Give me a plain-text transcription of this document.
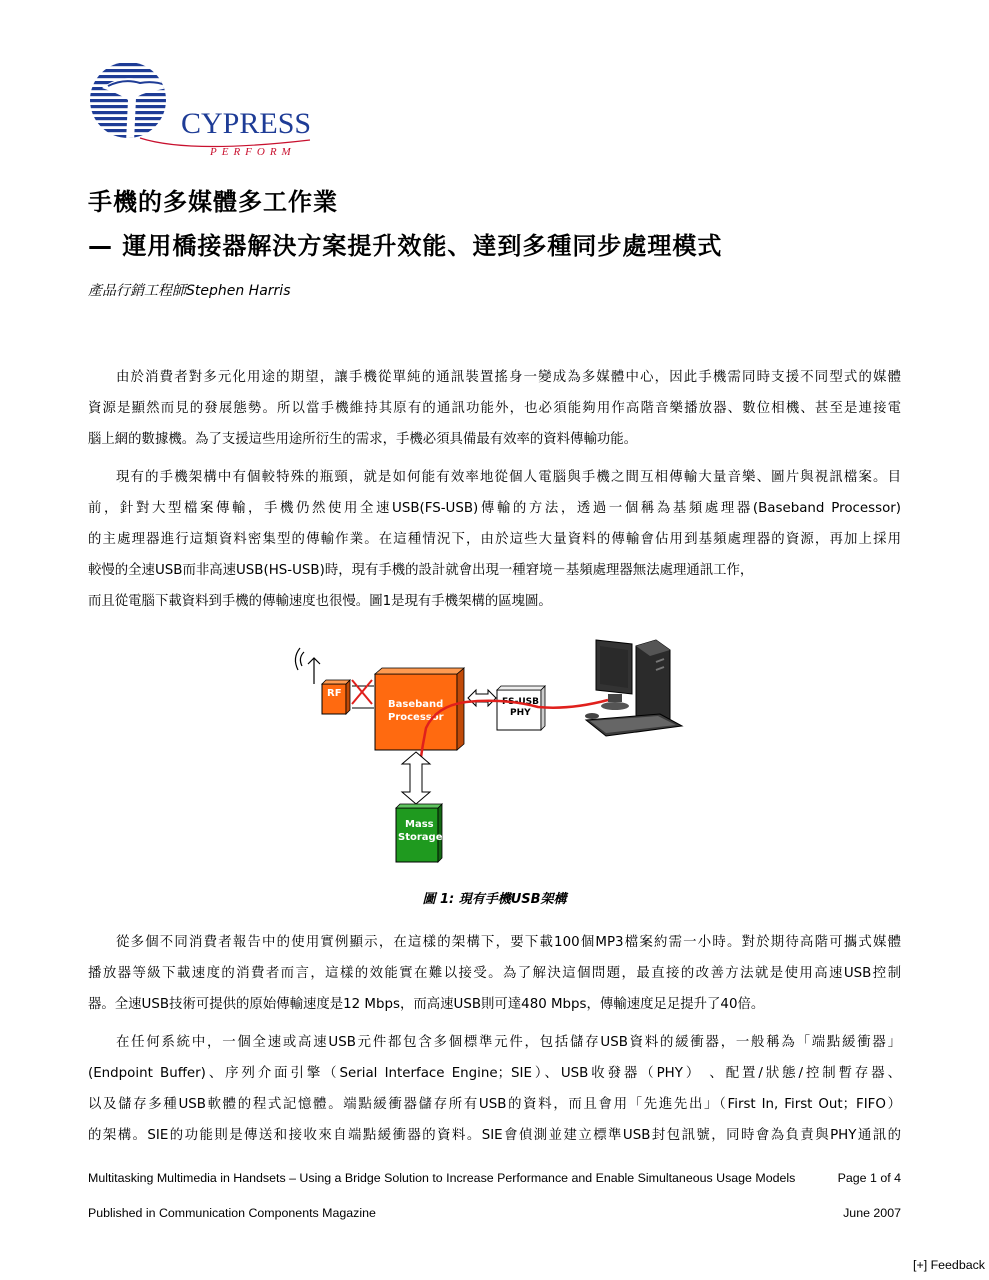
CYPRESS
PERFORM
手機的多媒體多工作業
— 運用橋接器解決方案提升效能、達到多種同步處理模式
產品行銷工程師Stephen Harris
由於消費者對多元化用途的期望，讓手機從單純的通訊裝置搖身一變成為多媒體中心，因此手機需同時支援不同型式的媒體
資源是顯然而見的發展態勢。所以當手機維持其原有的通訊功能外，也必須能夠用作高階音樂播放器、數位相機、甚至是連接電
腦上網的數據機。為了支援這些用途所衍生的需求，手機必須具備最有效率的資料傳輸功能。
現有的手機架構中有個較特殊的瓶頸，就是如何能有效率地從個人電腦與手機之間互相傳輸大量音樂、圖片與視訊檔案。目
前，針對大型檔案傳輸，手機仍然使用全速USB(FS-USB)傳輸的方法，透過一個稱為基頻處理器(Baseband Processor)
的主處理器進行這類資料密集型的傳輸作業。在這種情況下，由於這些大量資料的傳輸會佔用到基頻處理器的資源，再加上採用
較慢的全速USB而非高速USB(HS-USB)時，現有手機的設計就會出現一種窘境－基頻處理器無法處理通訊工作，
而且從電腦下載資料到手機的傳輸速度也很慢。圖1是現有手機架構的區塊圖。
RF
Baseband
Processor
FS-USB
PHY
Mass
Storage
圖 1: 現有手機USB架構
從多個不同消費者報告中的使用實例顯示，在這樣的架構下，要下載100個MP3檔案約需一小時。對於期待高階可攜式媒體
播放器等級下載速度的消費者而言，這樣的效能實在難以接受。為了解決這個問題，最直接的改善方法就是使用高速USB控制
器。全速USB技術可提供的原始傳輸速度是12 Mbps，而高速USB則可達480 Mbps，傳輸速度足足提升了40倍。
在任何系統中，一個全速或高速USB元件都包含多個標準元件，包括儲存USB資料的緩衝器，一般稱為「端點緩衝器」
(Endpoint Buffer)、序列介面引擎（Serial Interface Engine；SIE）、USB收發器（PHY） 、配置/狀態/控制暫存器、
以及儲存多種USB軟體的程式記憶體。端點緩衝器儲存所有USB的資料，而且會用「先進先出」（First In, First Out；FIFO）
的架構。SIE的功能則是傳送和接收來自端點緩衝器的資料。SIE會偵測並建立標準USB封包訊號，同時會為負責與PHY通訊的
Multitasking Multimedia in Handsets – Using a Bridge Solution to Increase Performance and Enable Simultaneous Usage Models	Page 1 of 4
Published in Communication Components Magazine	June 2007
[+] Feedback
